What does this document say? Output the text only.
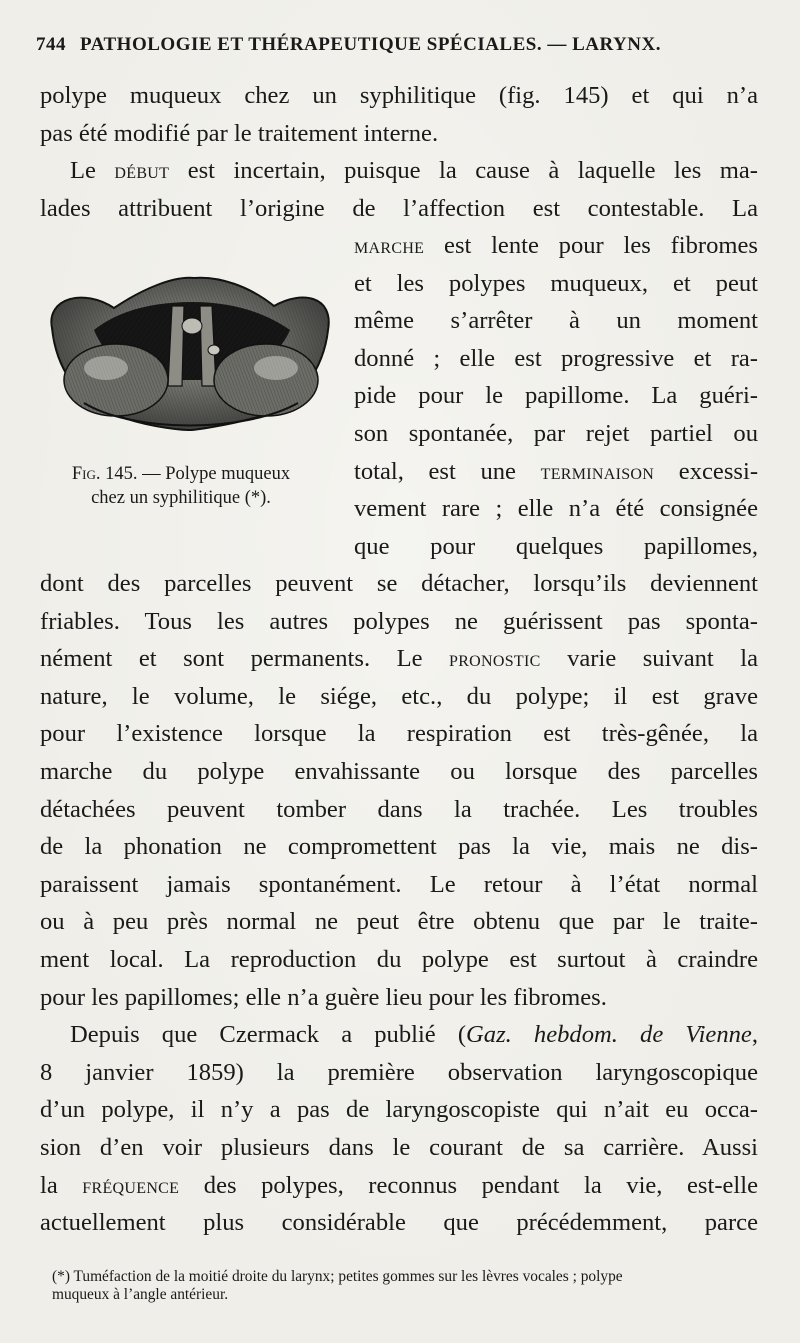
744 PATHOLOGIE ET THÉRAPEUTIQUE SPÉCIALES. — LARYNX.
polype muqueux chez un syphilitique (fig. 145) et qui n’a
pas été modifié par le traitement interne.
Le début est incertain, puisque la cause à laquelle les ma-
lades attribuent l’origine de l’affection est contestable. La
marche est lente pour les fibromes
et les polypes muqueux, et peut
même s’arrêter à un moment
donné ; elle est progressive et ra-
pide pour le papillome. La guéri-
son spontanée, par rejet partiel ou
total, est une terminaison excessi-
vement rare ; elle n’a été consignée
que pour quelques papillomes,
Fig. 145. — Polype muqueux
chez un syphilitique (*).
dont des parcelles peuvent se détacher, lorsqu’ils deviennent
friables. Tous les autres polypes ne guérissent pas sponta-
nément et sont permanents. Le pronostic varie suivant la
nature, le volume, le siége, etc., du polype; il est grave
pour l’existence lorsque la respiration est très-gênée, la
marche du polype envahissante ou lorsque des parcelles
détachées peuvent tomber dans la trachée. Les troubles
de la phonation ne compromettent pas la vie, mais ne dis-
paraissent jamais spontanément. Le retour à l’état normal
ou à peu près normal ne peut être obtenu que par le traite-
ment local. La reproduction du polype est surtout à craindre
pour les papillomes; elle n’a guère lieu pour les fibromes.
Depuis que Czermack a publié (Gaz. hebdom. de Vienne,
8 janvier 1859) la première observation laryngoscopique
d’un polype, il n’y a pas de laryngoscopiste qui n’ait eu occa-
sion d’en voir plusieurs dans le courant de sa carrière. Aussi
la fréquence des polypes, reconnus pendant la vie, est-elle
actuellement plus considérable que précédemment, parce
(*) Tuméfaction de la moitié droite du larynx; petites gommes sur les lèvres vocales ; polype
muqueux à l’angle antérieur.
